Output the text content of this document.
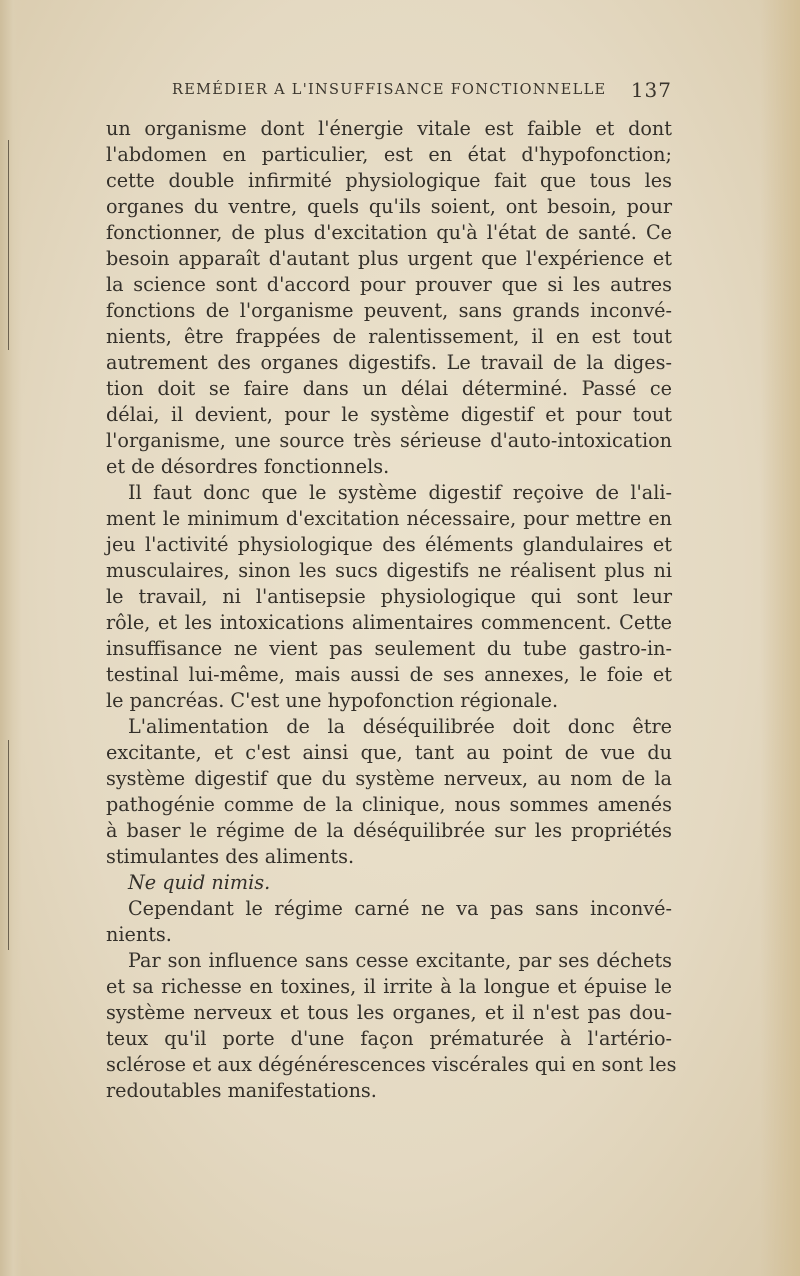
REMÉDIER A L'INSUFFISANCE FONCTIONNELLE 137
un organisme dont l'énergie vitale est faible et dont
l'abdomen en particulier, est en état d'hypofonction;
cette double infirmité physiologique fait que tous les
organes du ventre, quels qu'ils soient, ont besoin, pour
fonctionner, de plus d'excitation qu'à l'état de santé. Ce
besoin apparaît d'autant plus urgent que l'expérience et
la science sont d'accord pour prouver que si les autres
fonctions de l'organisme peuvent, sans grands inconvé-
nients, être frappées de ralentissement, il en est tout
autrement des organes digestifs. Le travail de la diges-
tion doit se faire dans un délai déterminé. Passé ce
délai, il devient, pour le système digestif et pour tout
l'organisme, une source très sérieuse d'auto-intoxication
et de désordres fonctionnels.
Il faut donc que le système digestif reçoive de l'ali-
ment le minimum d'excitation nécessaire, pour mettre en
jeu l'activité physiologique des éléments glandulaires et
musculaires, sinon les sucs digestifs ne réalisent plus ni
le travail, ni l'antisepsie physiologique qui sont leur
rôle, et les intoxications alimentaires commencent. Cette
insuffisance ne vient pas seulement du tube gastro-in-
testinal lui-même, mais aussi de ses annexes, le foie et
le pancréas. C'est une hypofonction régionale.
L'alimentation de la déséquilibrée doit donc être
excitante, et c'est ainsi que, tant au point de vue du
système digestif que du système nerveux, au nom de la
pathogénie comme de la clinique, nous sommes amenés
à baser le régime de la déséquilibrée sur les propriétés
stimulantes des aliments.
Ne quid nimis.
Cependant le régime carné ne va pas sans inconvé-
nients.
Par son influence sans cesse excitante, par ses déchets
et sa richesse en toxines, il irrite à la longue et épuise le
système nerveux et tous les organes, et il n'est pas dou-
teux qu'il porte d'une façon prématurée à l'artério-
sclérose et aux dégénérescences viscérales qui en sont les
redoutables manifestations.
